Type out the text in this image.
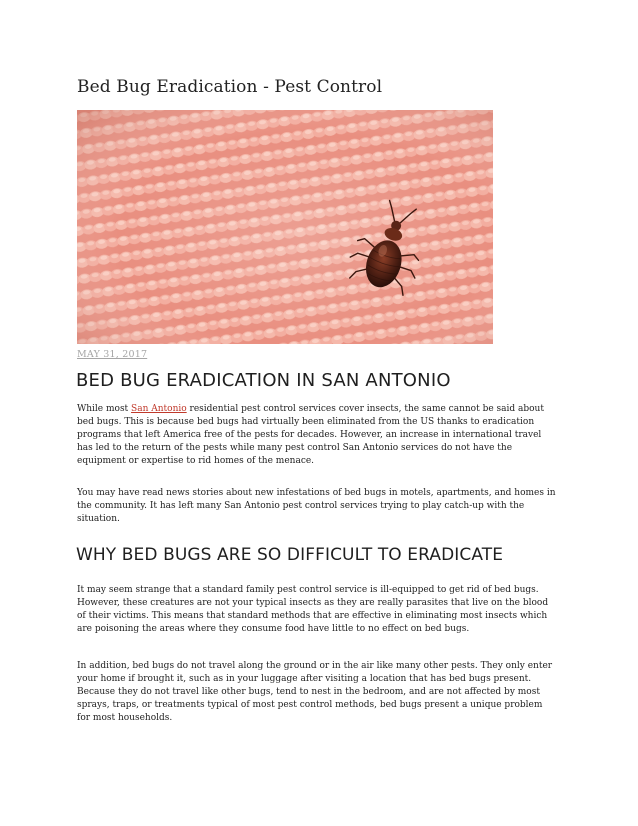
Bed Bug Eradication - Pest Control
MAY 31, 2017
BED BUG ERADICATION IN SAN ANTONIO

While most San Antonio residential pest control services cover insects, the same cannot be said about bed bugs. This is because bed bugs had virtually been eliminated from the US thanks to eradication programs that left America free of the pests for decades. However, an increase in international travel has led to the return of the pests while many pest control San Antonio services do not have the equipment or expertise to rid homes of the menace.

You may have read news stories about new infestations of bed bugs in motels, apartments, and homes in the community. It has left many San Antonio pest control services trying to play catch-up with the situation.

WHY BED BUGS ARE SO DIFFICULT TO ERADICATE

It may seem strange that a standard family pest control service is ill-equipped to get rid of bed bugs. However, these creatures are not your typical insects as they are really parasites that live on the blood of their victims. This means that standard methods that are effective in eliminating most insects which are poisoning the areas where they consume food have little to no effect on bed bugs.

In addition, bed bugs do not travel along the ground or in the air like many other pests. They only enter your home if brought it, such as in your luggage after visiting a location that has bed bugs present. Because they do not travel like other bugs, tend to nest in the bedroom, and are not affected by most sprays, traps, or treatments typical of most pest control methods, bed bugs present a unique problem for most households.
